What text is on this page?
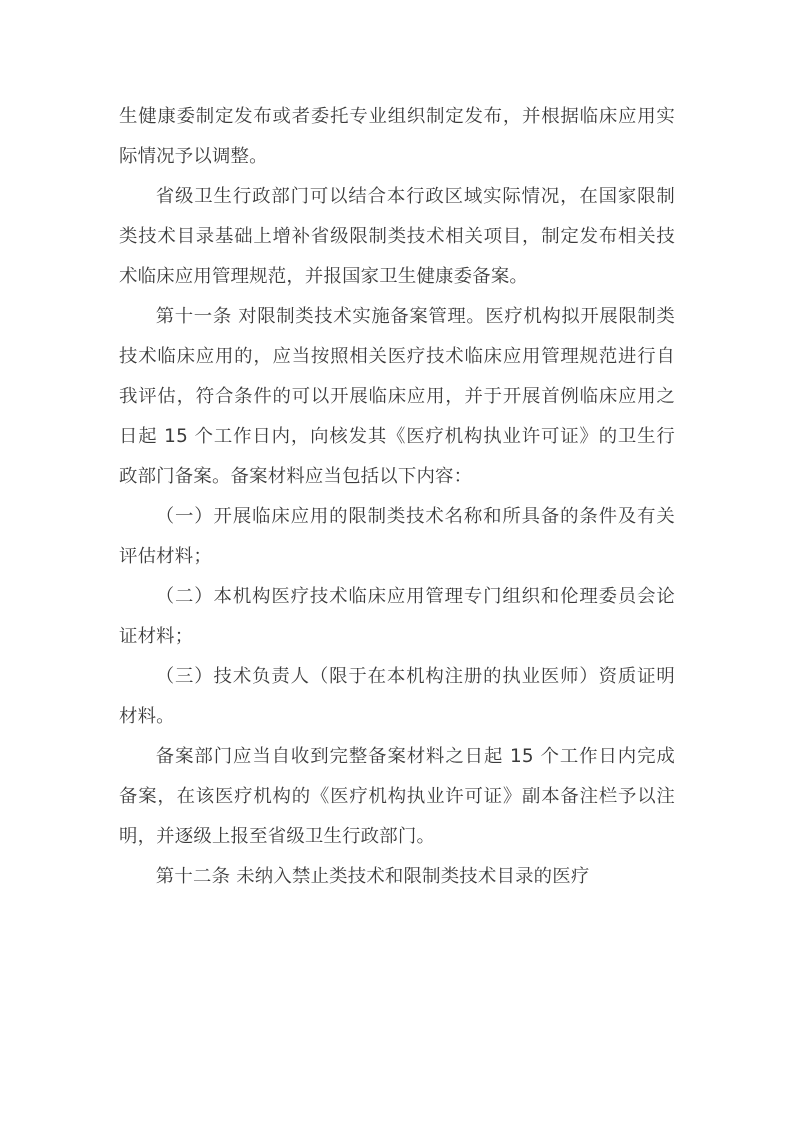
生健康委制定发布或者委托专业组织制定发布，并根据临床应用实际情况予以调整。

省级卫生行政部门可以结合本行政区域实际情况，在国家限制类技术目录基础上增补省级限制类技术相关项目，制定发布相关技术临床应用管理规范，并报国家卫生健康委备案。

第十一条 对限制类技术实施备案管理。医疗机构拟开展限制类技术临床应用的，应当按照相关医疗技术临床应用管理规范进行自我评估，符合条件的可以开展临床应用，并于开展首例临床应用之日起 15 个工作日内，向核发其《医疗机构执业许可证》的卫生行政部门备案。备案材料应当包括以下内容：

（一）开展临床应用的限制类技术名称和所具备的条件及有关评估材料；

（二）本机构医疗技术临床应用管理专门组织和伦理委员会论证材料；

（三）技术负责人（限于在本机构注册的执业医师）资质证明材料。

备案部门应当自收到完整备案材料之日起 15 个工作日内完成备案，在该医疗机构的《医疗机构执业许可证》副本备注栏予以注明，并逐级上报至省级卫生行政部门。

第十二条 未纳入禁止类技术和限制类技术目录的医疗
